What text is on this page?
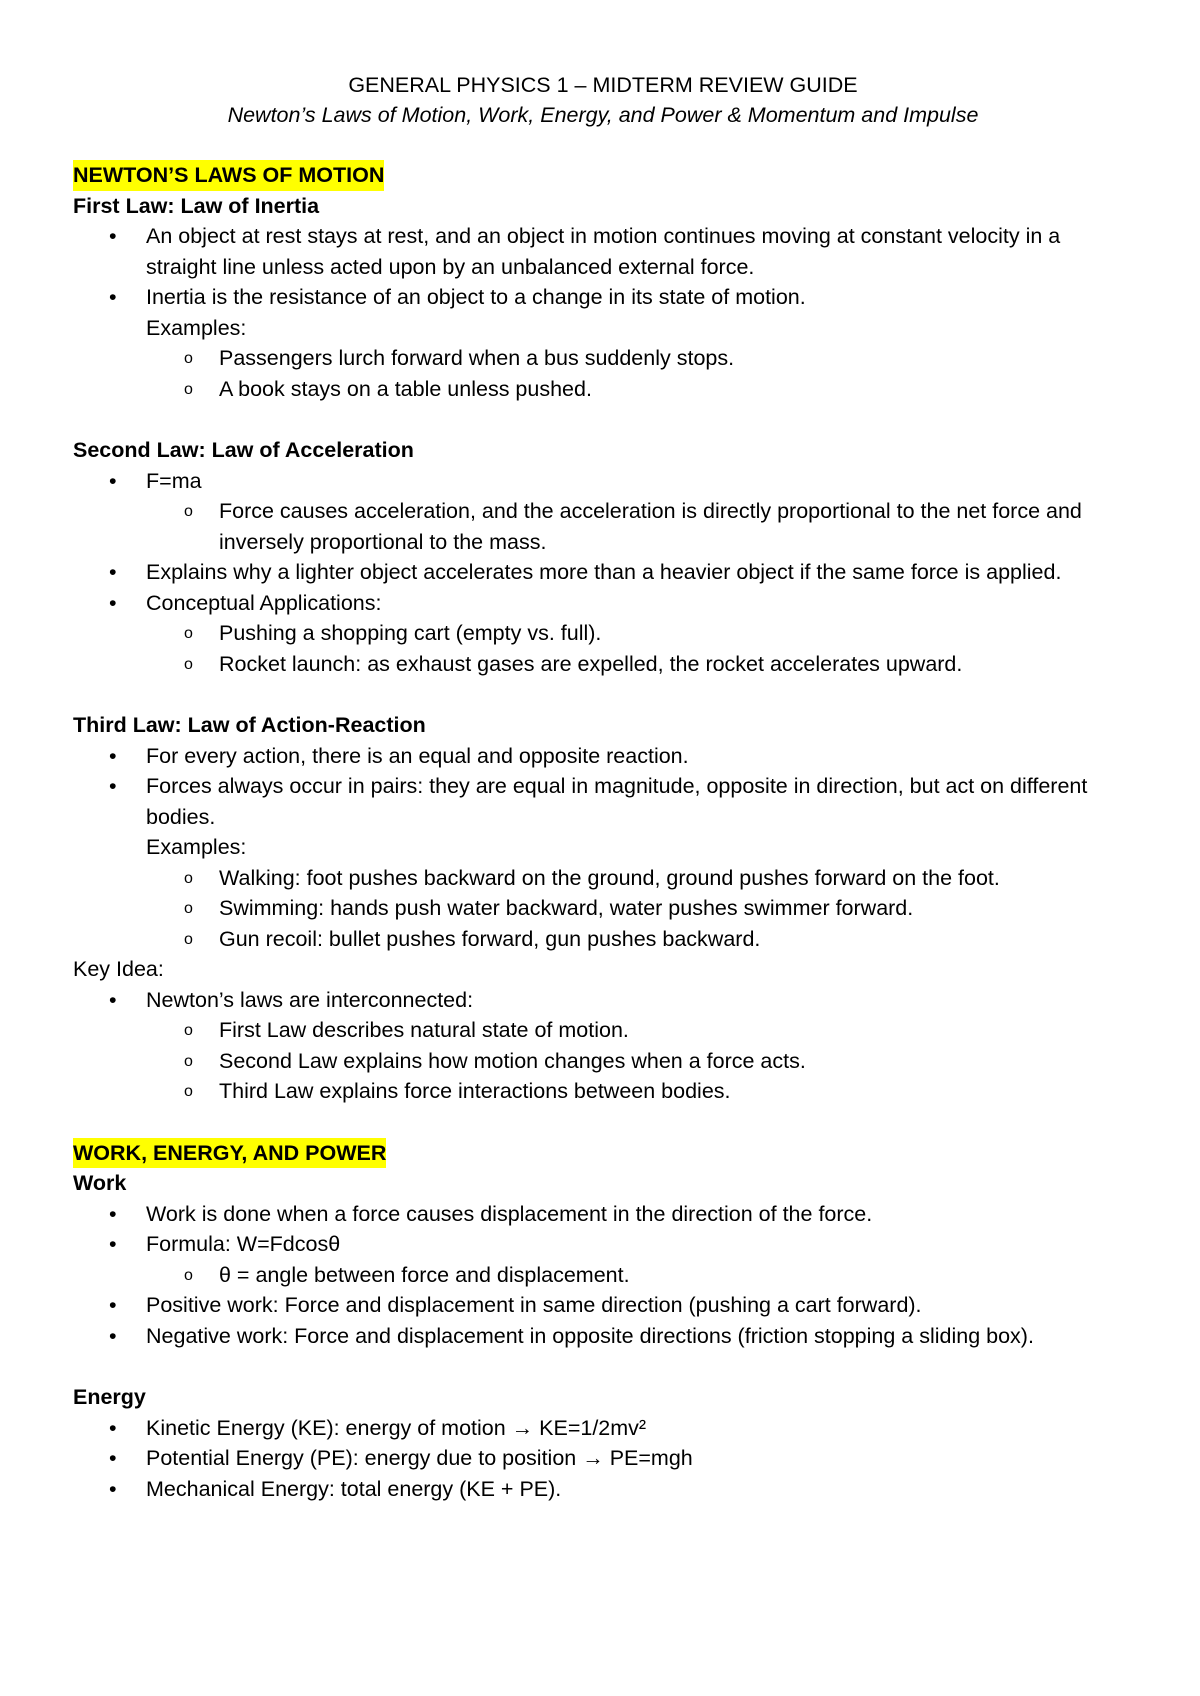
GENERAL PHYSICS 1 – MIDTERM REVIEW GUIDE

Newton’s Laws of Motion, Work, Energy, and Power & Momentum and Impulse

NEWTON’S LAWS OF MOTION

First Law: Law of Inertia

• An object at rest stays at rest, and an object in motion continues moving at constant velocity in a straight line unless acted upon by an unbalanced external force.
• Inertia is the resistance of an object to a change in its state of motion.

Examples:

o Passengers lurch forward when a bus suddenly stops.
o A book stays on a table unless pushed.

Second Law: Law of Acceleration

• F=ma
o Force causes acceleration, and the acceleration is directly proportional to the net force and inversely proportional to the mass.
• Explains why a lighter object accelerates more than a heavier object if the same force is applied.
• Conceptual Applications:
o Pushing a shopping cart (empty vs. full).
o Rocket launch: as exhaust gases are expelled, the rocket accelerates upward.

Third Law: Law of Action-Reaction

• For every action, there is an equal and opposite reaction.
• Forces always occur in pairs: they are equal in magnitude, opposite in direction, but act on different bodies.

Examples:

o Walking: foot pushes backward on the ground, ground pushes forward on the foot.
o Swimming: hands push water backward, water pushes swimmer forward.
o Gun recoil: bullet pushes forward, gun pushes backward.

Key Idea:

• Newton’s laws are interconnected:
o First Law describes natural state of motion.
o Second Law explains how motion changes when a force acts.
o Third Law explains force interactions between bodies.

WORK, ENERGY, AND POWER

Work

• Work is done when a force causes displacement in the direction of the force.
• Formula: W=Fdcosθ
o θ = angle between force and displacement.
• Positive work: Force and displacement in same direction (pushing a cart forward).
• Negative work: Force and displacement in opposite directions (friction stopping a sliding box).

Energy

• Kinetic Energy (KE): energy of motion → KE=1/2mv²
• Potential Energy (PE): energy due to position → PE=mgh
• Mechanical Energy: total energy (KE + PE).
